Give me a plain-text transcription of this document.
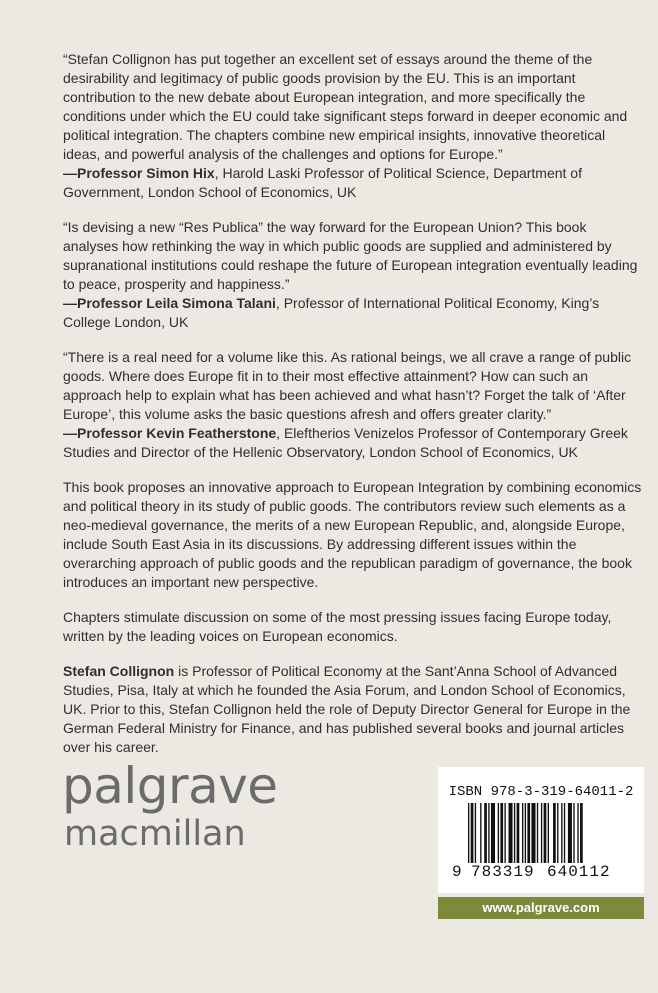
“Stefan Collignon has put together an excellent set of essays around the theme of the desirability and legitimacy of public goods provision by the EU. This is an important contribution to the new debate about European integration, and more specifically the conditions under which the EU could take significant steps forward in deeper economic and political integration. The chapters combine new empirical insights, innovative theoretical ideas, and powerful analysis of the challenges and options for Europe.”

—Professor Simon Hix, Harold Laski Professor of Political Science, Department of Government, London School of Economics, UK

“Is devising a new “Res Publica” the way forward for the European Union? This book analyses how rethinking the way in which public goods are supplied and administered by supranational institutions could reshape the future of European integration eventually leading to peace, prosperity and happiness.”

—Professor Leila Simona Talani, Professor of International Political Economy, King’s College London, UK

“There is a real need for a volume like this. As rational beings, we all crave a range of public goods. Where does Europe fit in to their most effective attainment? How can such an approach help to explain what has been achieved and what hasn’t? Forget the talk of ‘After Europe’, this volume asks the basic questions afresh and offers greater clarity.”

—Professor Kevin Featherstone, Eleftherios Venizelos Professor of Contemporary Greek Studies and Director of the Hellenic Observatory, London School of Economics, UK

This book proposes an innovative approach to European Integration by combining economics and political theory in its study of public goods. The contributors review such elements as a neo-medieval governance, the merits of a new European Republic, and, alongside Europe, include South East Asia in its discussions. By addressing different issues within the overarching approach of public goods and the republican paradigm of governance, the book introduces an important new perspective.

Chapters stimulate discussion on some of the most pressing issues facing Europe today, written by the leading voices on European economics.

Stefan Collignon is Professor of Political Economy at the Sant’Anna School of Advanced Studies, Pisa, Italy at which he founded the Asia Forum, and London School of Economics, UK. Prior to this, Stefan Collignon held the role of Deputy Director General for Europe in the German Federal Ministry for Finance, and has published several books and journal articles over his career.

palgrave
macmillan
ISBN 978-3-319-64011-2
9 783319 640112
www.palgrave.com
